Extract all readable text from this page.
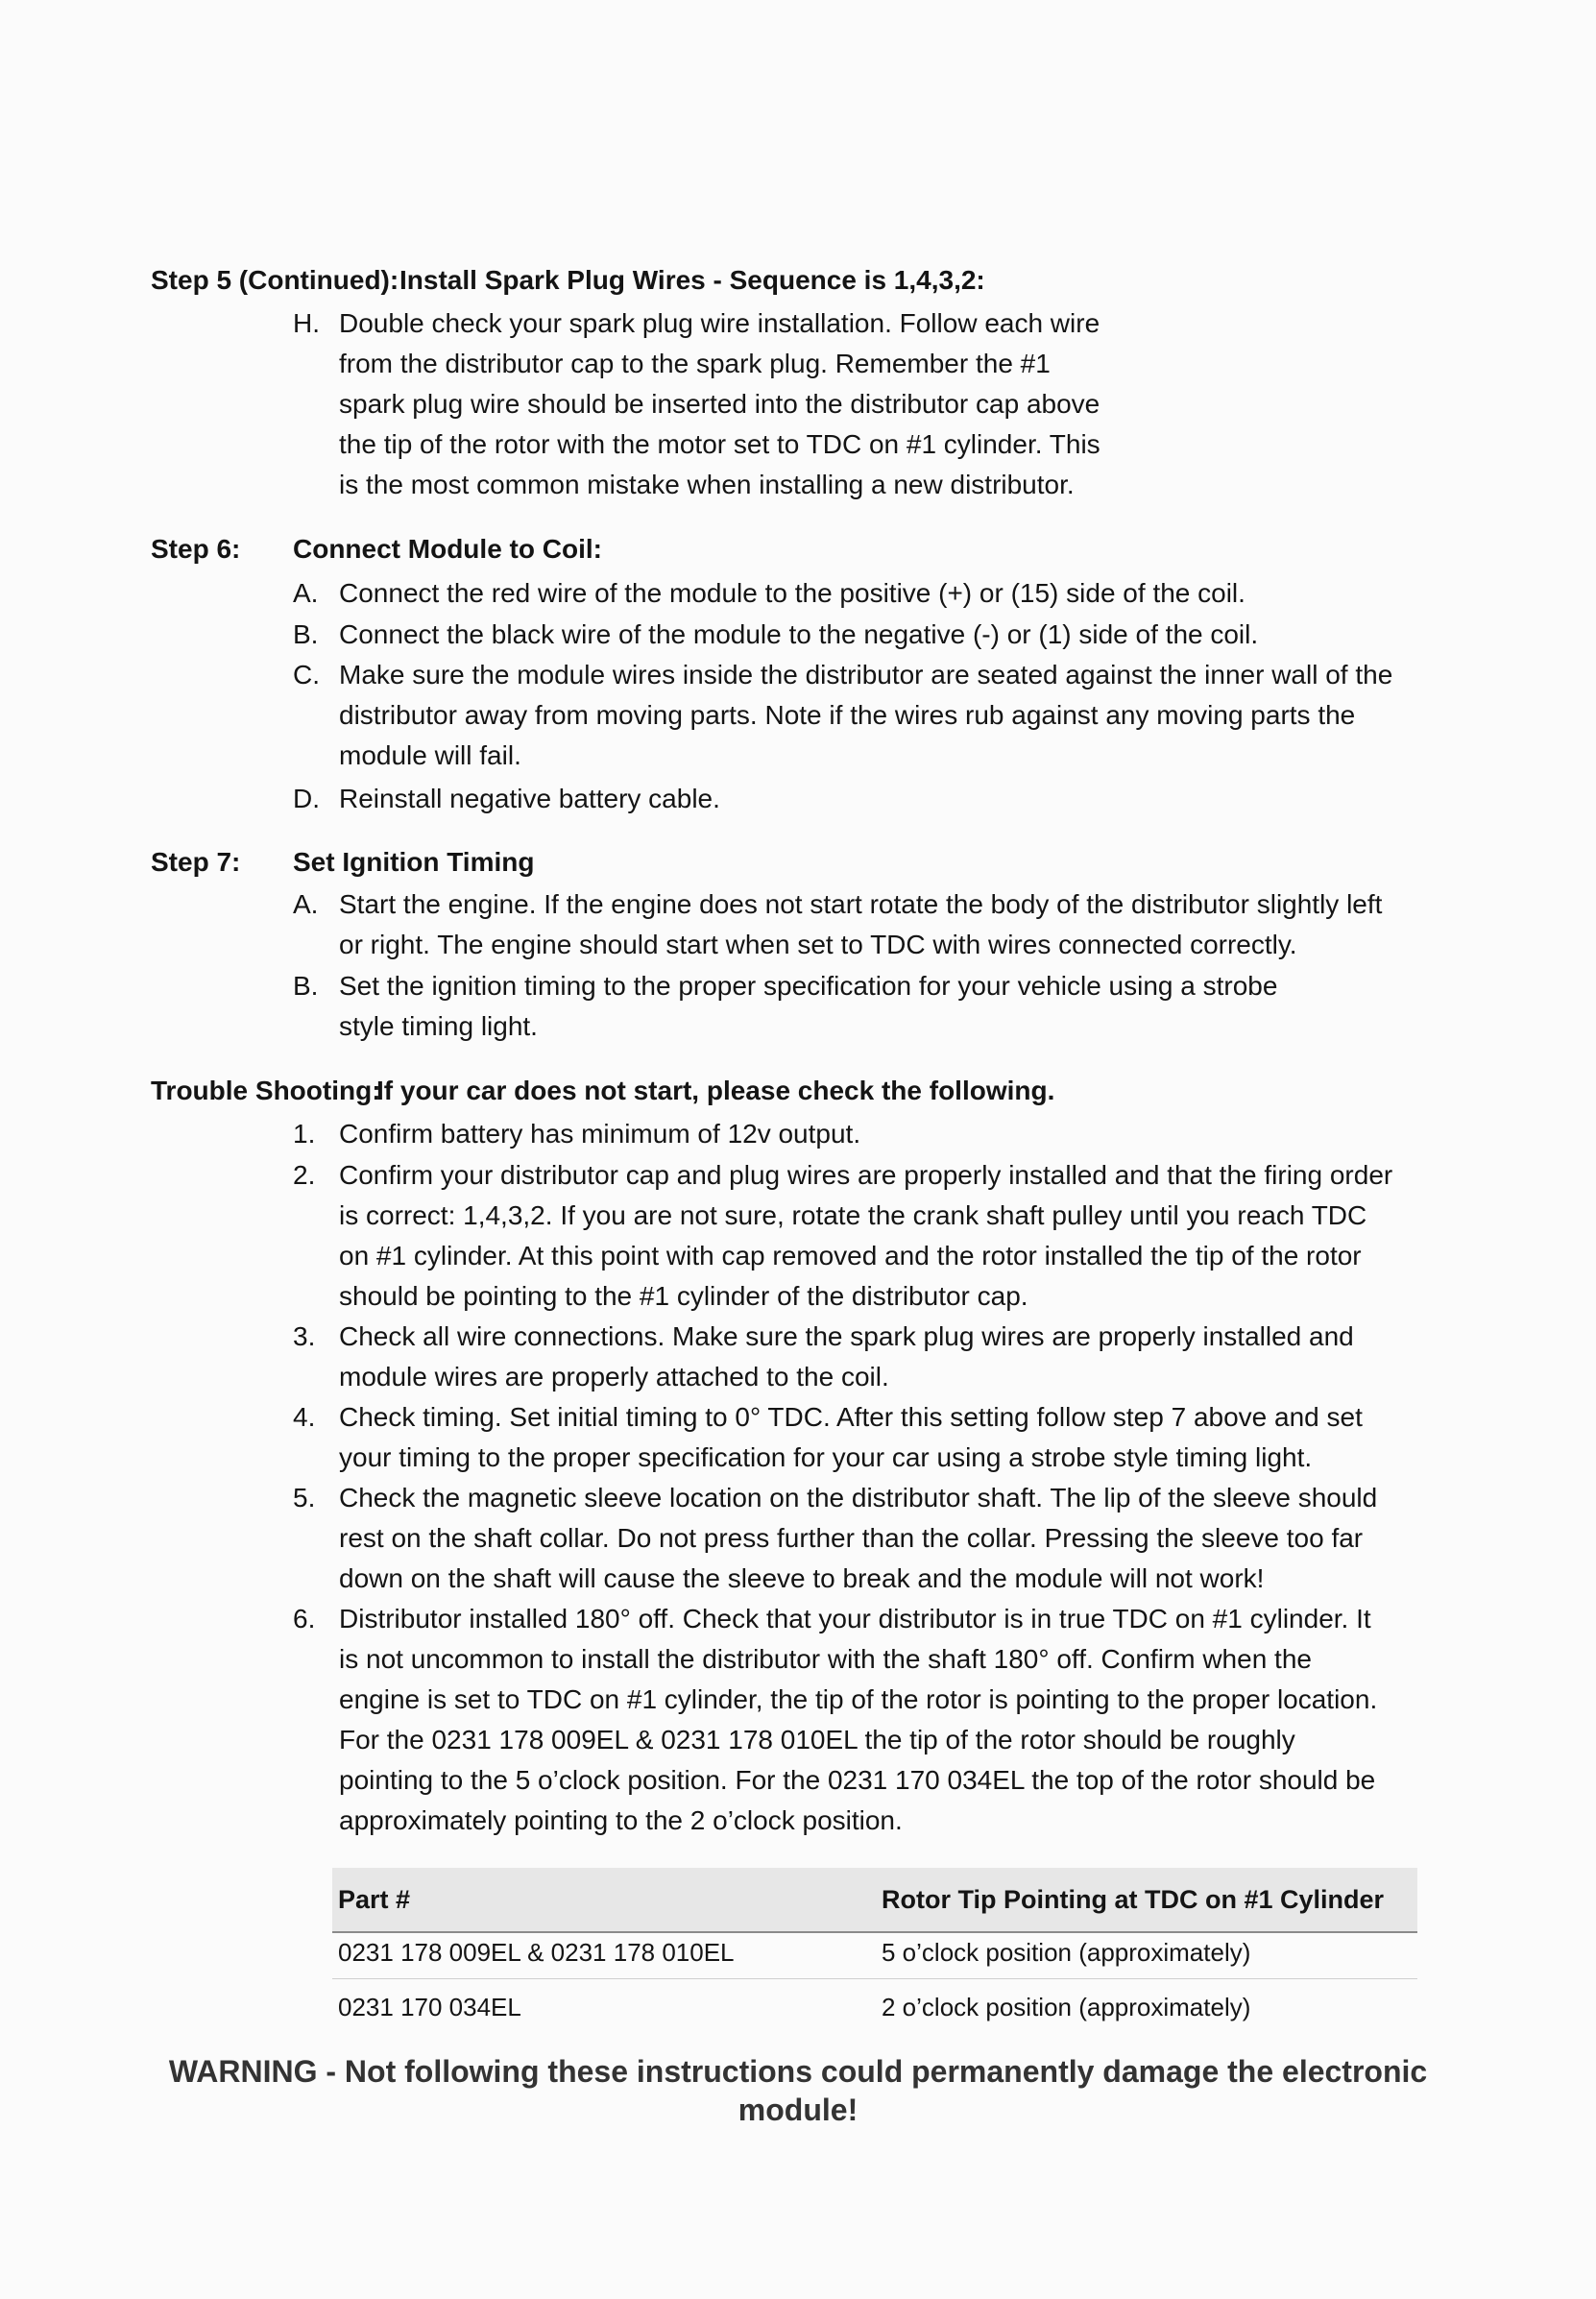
Step 5 (Continued): Install Spark Plug Wires - Sequence is 1,4,3,2:
H. Double check your spark plug wire installation. Follow each wire
from the distributor cap to the spark plug. Remember the #1
spark plug wire should be inserted into the distributor cap above
the tip of the rotor with the motor set to TDC on #1 cylinder. This
is the most common mistake when installing a new distributor.
Step 6: Connect Module to Coil:
A. Connect the red wire of the module to the positive (+) or (15) side of the coil.
B. Connect the black wire of the module to the negative (-) or (1) side of the coil.
C. Make sure the module wires inside the distributor are seated against the inner wall of the
distributor away from moving parts. Note if the wires rub against any moving parts the
module will fail.
D. Reinstall negative battery cable.
Step 7: Set Ignition Timing
A. Start the engine. If the engine does not start rotate the body of the distributor slightly left
or right. The engine should start when set to TDC with wires connected correctly.
B. Set the ignition timing to the proper specification for your vehicle using a strobe
style timing light.
Trouble Shooting:
If your car does not start, please check the following.
1. Confirm battery has minimum of 12v output.
2. Confirm your distributor cap and plug wires are properly installed and that the firing order
is correct: 1,4,3,2. If you are not sure, rotate the crank shaft pulley until you reach TDC
on #1 cylinder. At this point with cap removed and the rotor installed the tip of the rotor
should be pointing to the #1 cylinder of the distributor cap.
3. Check all wire connections. Make sure the spark plug wires are properly installed and
module wires are properly attached to the coil.
4. Check timing. Set initial timing to 0° TDC. After this setting follow step 7 above and set
your timing to the proper specification for your car using a strobe style timing light.
5. Check the magnetic sleeve location on the distributor shaft. The lip of the sleeve should
rest on the shaft collar. Do not press further than the collar. Pressing the sleeve too far
down on the shaft will cause the sleeve to break and the module will not work!
6. Distributor installed 180° off. Check that your distributor is in true TDC on #1 cylinder. It
is not uncommon to install the distributor with the shaft 180° off. Confirm when the
engine is set to TDC on #1 cylinder, the tip of the rotor is pointing to the proper location.
For the 0231 178 009EL & 0231 178 010EL the tip of the rotor should be roughly
pointing to the 5 o’clock position. For the 0231 170 034EL the top of the rotor should be
approximately pointing to the 2 o’clock position.
Part #	Rotor Tip Pointing at TDC on #1 Cylinder
0231 178 009EL & 0231 178 010EL	5 o’clock position (approximately)
0231 170 034EL	2 o’clock position (approximately)
WARNING - Not following these instructions could permanently damage the electronic
module!
